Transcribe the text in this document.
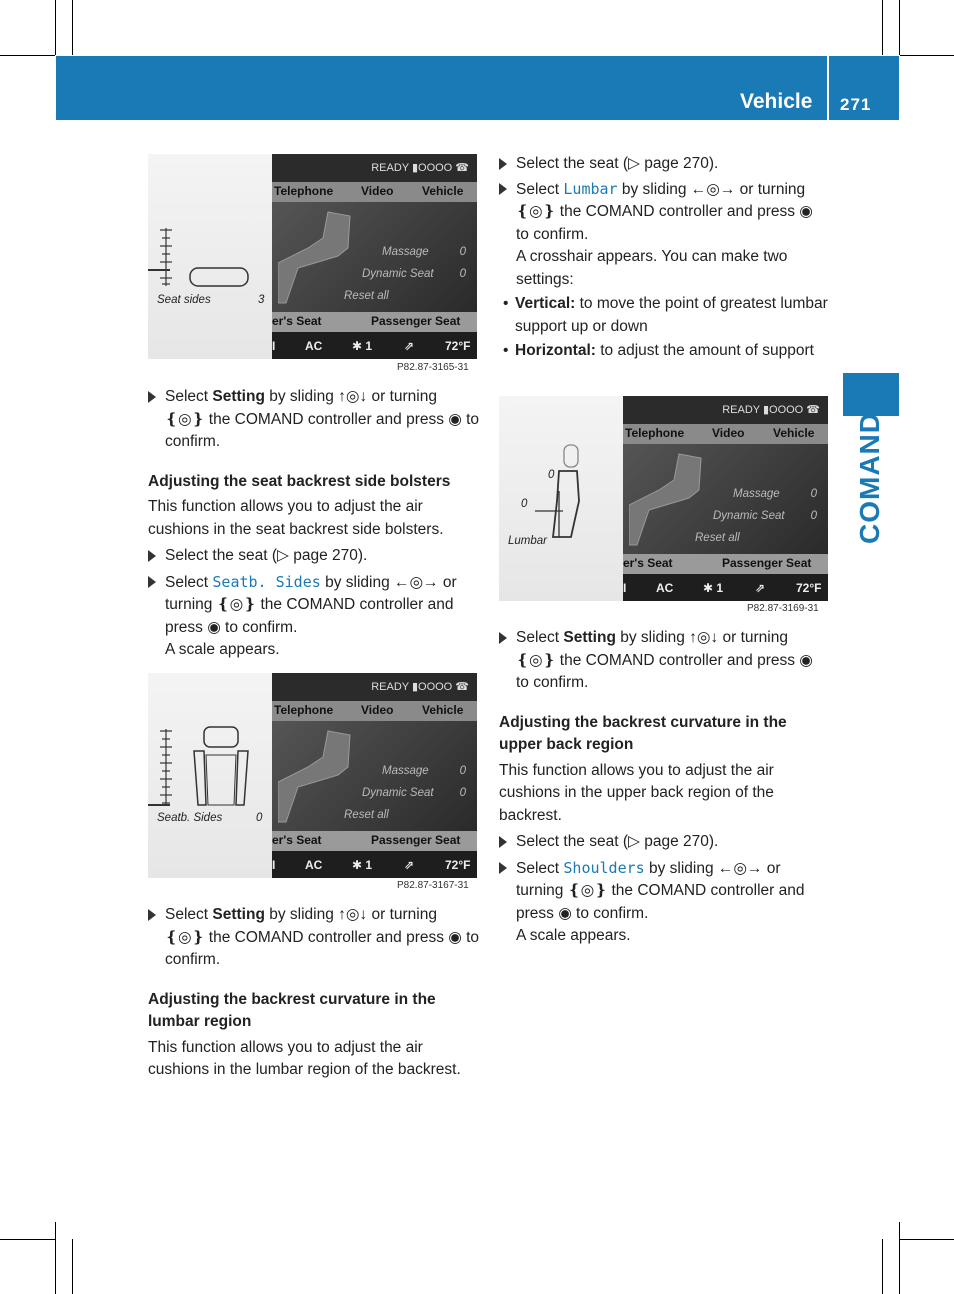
Vehicle 271
COMAND
Seat sides	3
READY ▮OOOO ☎
Telephone Video Vehicle
Massage	0
Dynamic Seat 0
Reset all
er's Seat	Passenger Seat
I AC ✱ 1	⇗	72°F
P82.87-3165-31

Select Setting by sliding ↑◎↓ or turning ❴◎❵ the COMAND controller and press ◉ to confirm.

Adjusting the seat backrest side bolsters

This function allows you to adjust the air cushions in the seat backrest side bolsters.

Select the seat (▷ page 270).

Select Seatb. Sides by sliding ←◎→ or turning ❴◎❵ the COMAND controller and press ◉ to confirm.

A scale appears.

Seatb. Sides	0
READY ▮OOOO ☎
Telephone Video Vehicle
Massage	0
Dynamic Seat 0
Reset all
er's Seat	Passenger Seat
I AC ✱ 1	⇗	72°F
P82.87-3167-31

Select Setting by sliding ↑◎↓ or turning ❴◎❵ the COMAND controller and press ◉ to confirm.

Adjusting the backrest curvature in the lumbar region

This function allows you to adjust the air cushions in the lumbar region of the backrest.

Select the seat (▷ page 270).

Select Lumbar by sliding ←◎→ or turning ❴◎❵ the COMAND controller and press ◉ to confirm.

A crosshair appears. You can make two settings:

• Vertical: to move the point of greatest lumbar support up or down

• Horizontal: to adjust the amount of support

0
0
Lumbar
READY ▮OOOO ☎
Telephone Video Vehicle
Massage	0
Dynamic Seat 0
Reset all
er's Seat	Passenger Seat
I AC ✱ 1	⇗	72°F
P82.87-3169-31

Select Setting by sliding ↑◎↓ or turning ❴◎❵ the COMAND controller and press ◉ to confirm.

Adjusting the backrest curvature in the upper back region

This function allows you to adjust the air cushions in the upper back region of the backrest.

Select the seat (▷ page 270).

Select Shoulders by sliding ←◎→ or turning ❴◎❵ the COMAND controller and press ◉ to confirm.

A scale appears.
